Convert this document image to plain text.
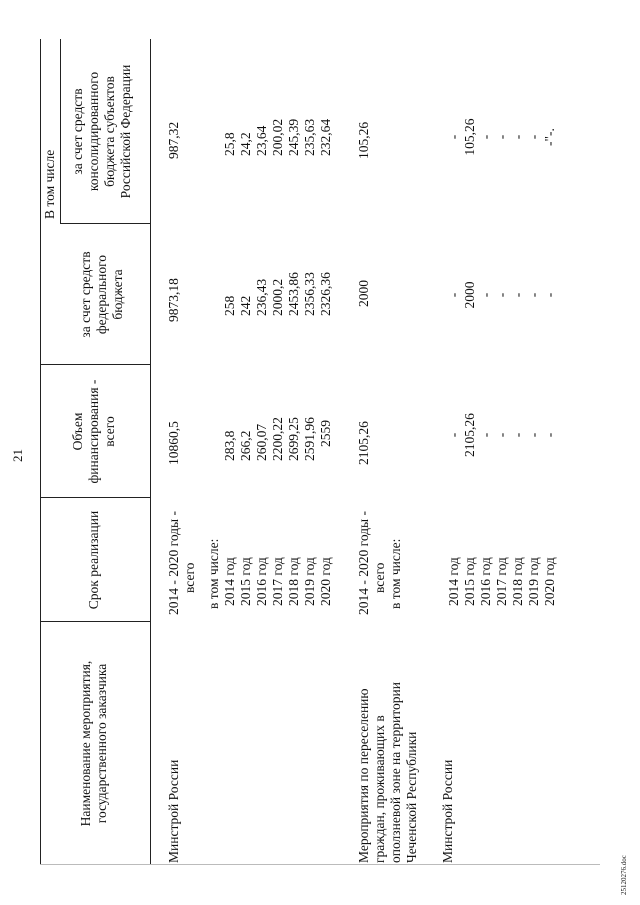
21
Наименование мероприятия, государственного заказчика
Срок реализации
Объем финансирования - всего
В том числе
за счет средств федерального бюджета
за счет средств консолидированного бюджета субъектов Российской Федерации
Минстрой России
2014 - 2020 годы - всего в том числе:
10860,5
9873,18
987,32
2014 год 2015 год 2016 год 2017 год 2018 год 2019 год 2020 год
283,8 266,2 260,07 2200,22 2699,25 2591,96 2559
258 242 236,43 2000,2 2453,86 2356,33 2326,36
25,8 24,2 23,64 200,02 245,39 235,63 232,64
Мероприятия по переселению граждан, проживающих в оползневой зоне на территории Чеченской Республики
2014 - 2020 годы - всего в том числе:
2105,26
2000
105,26
Минстрой России
2014 год 2015 год 2016 год 2017 год 2018 год 2019 год 2020 год
- 2105,26 - - - - -
- 2000 - - - - -
- 105,26 - - - - -"-.
25120276.doc
